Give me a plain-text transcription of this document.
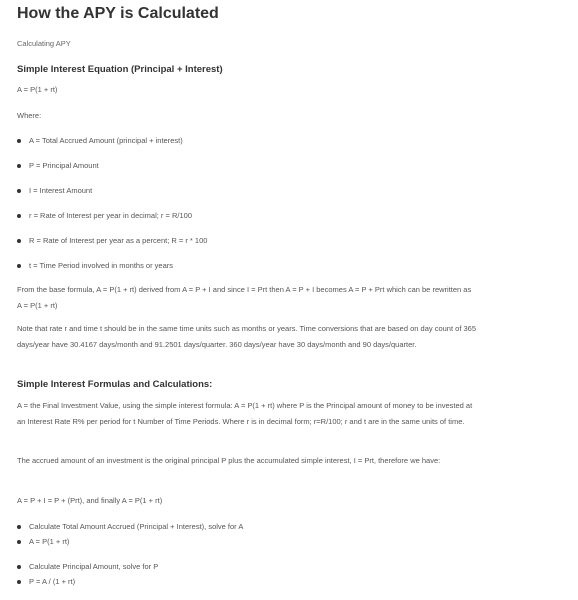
How the APY is Calculated
Calculating APY
Simple Interest Equation (Principal + Interest)
A = P(1 + rt)
Where:
A = Total Accrued Amount (principal + interest)
P = Principal Amount
I = Interest Amount
r = Rate of Interest per year in decimal; r = R/100
R = Rate of Interest per year as a percent; R = r * 100
t = Time Period involved in months or years
From the base formula, A = P(1 + rt) derived from A = P + I and since I = Prt then A = P + I becomes A = P + Prt which can be rewritten as A = P(1 + rt)
Note that rate r and time t should be in the same time units such as months or years. Time conversions that are based on day count of 365 days/year have 30.4167 days/month and 91.2501 days/quarter. 360 days/year have 30 days/month and 90 days/quarter.
Simple Interest Formulas and Calculations:
A = the Final Investment Value, using the simple interest formula: A = P(1 + rt) where P is the Principal amount of money to be invested at an Interest Rate R% per period for t Number of Time Periods. Where r is in decimal form; r=R/100; r and t are in the same units of time.
The accrued amount of an investment is the original principal P plus the accumulated simple interest, I = Prt, therefore we have:
A = P + I = P + (Prt), and finally A = P(1 + rt)
Calculate Total Amount Accrued (Principal + Interest), solve for A
A = P(1 + rt)
Calculate Principal Amount, solve for P
P = A / (1 + rt)
